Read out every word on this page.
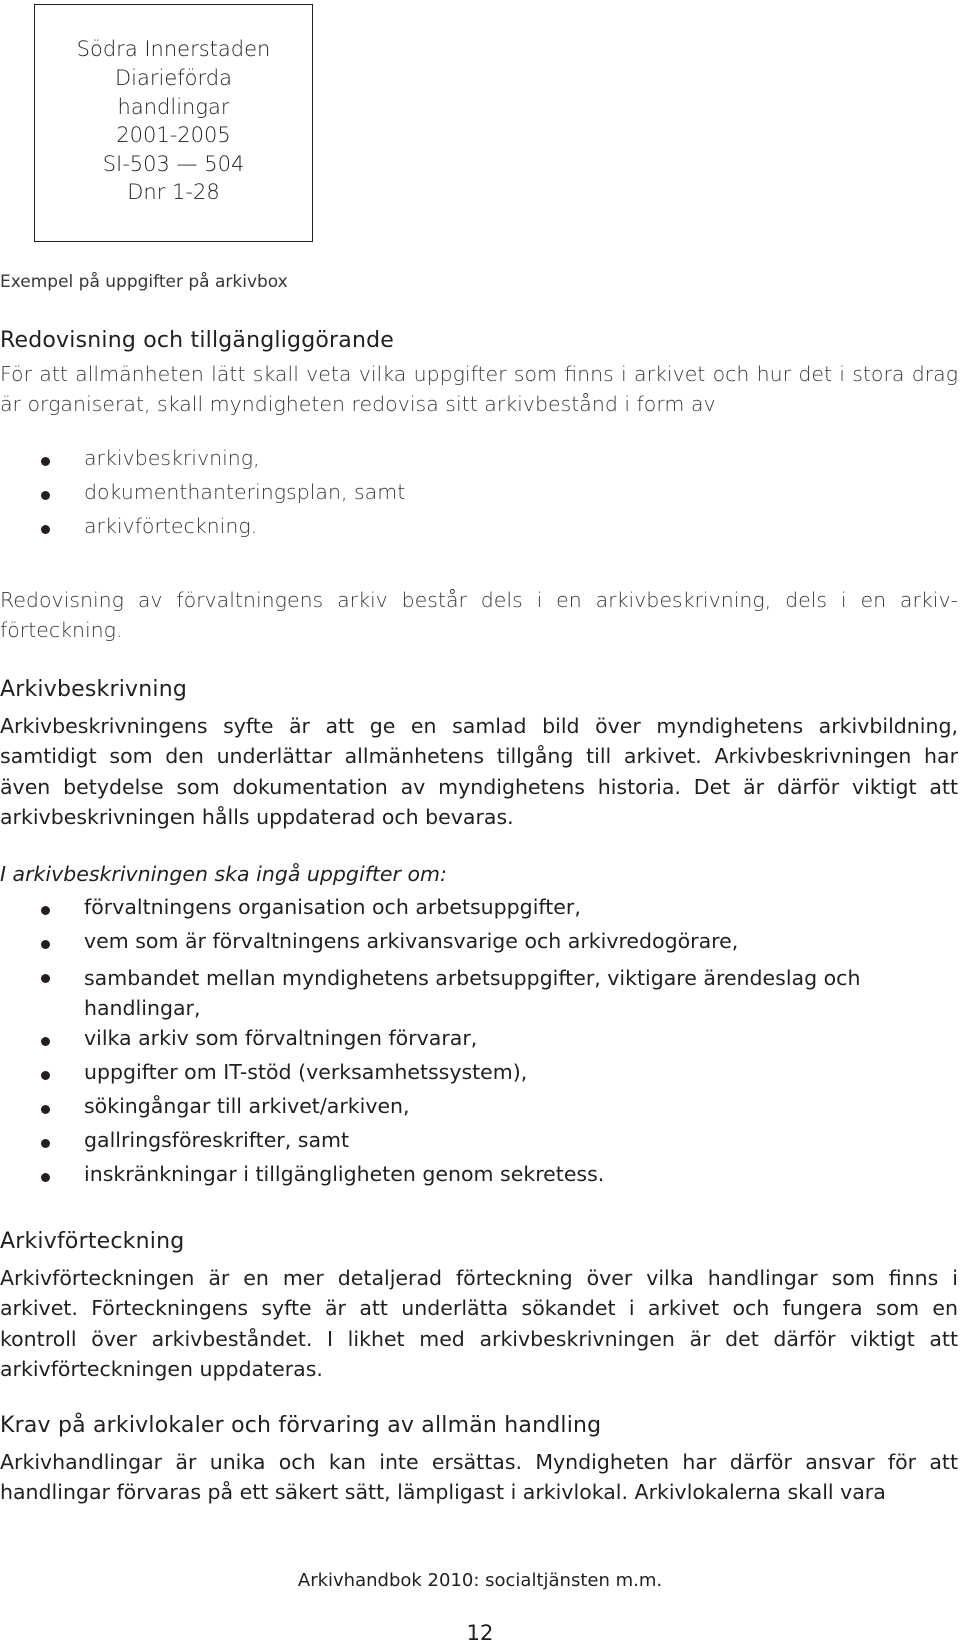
Södra Innerstaden
Diarieförda
handlingar
2001-2005
SI-503 — 504
Dnr 1-28
Exempel på uppgifter på arkivbox
Redovisning och tillgängliggörande
För att allmänheten lätt skall veta vilka uppgifter som finns i arkivet och hur det i stora drag är organiserat, skall myndigheten redovisa sitt arkivbestånd i form av
arkivbeskrivning,
dokumenthanteringsplan, samt
arkivförteckning.
Redovisning av förvaltningens arkiv består dels i en arkivbeskrivning, dels i en arkiv-förteckning.
Arkivbeskrivning
Arkivbeskrivningens syfte är att ge en samlad bild över myndighetens arkivbildning, samtidigt som den underlättar allmänhetens tillgång till arkivet. Arkivbeskrivningen har även betydelse som dokumentation av myndighetens historia. Det är därför viktigt att arkivbeskrivningen hålls uppdaterad och bevaras.
I arkivbeskrivningen ska ingå uppgifter om:
förvaltningens organisation och arbetsuppgifter,
vem som är förvaltningens arkivansvarige och arkivredogörare,
sambandet mellan myndighetens arbetsuppgifter, viktigare ärendeslag och handlingar,
vilka arkiv som förvaltningen förvarar,
uppgifter om IT-stöd (verksamhetssystem),
sökingångar till arkivet/arkiven,
gallringsföreskrifter, samt
inskränkningar i tillgängligheten genom sekretess.
Arkivförteckning
Arkivförteckningen är en mer detaljerad förteckning över vilka handlingar som finns i arkivet. Förteckningens syfte är att underlätta sökandet i arkivet och fungera som en kontroll över arkivbeståndet. I likhet med arkivbeskrivningen är det därför viktigt att arkivförteckningen uppdateras.
Krav på arkivlokaler och förvaring av allmän handling
Arkivhandlingar är unika och kan inte ersättas. Myndigheten har därför ansvar för att handlingar förvaras på ett säkert sätt, lämpligast i arkivlokal. Arkivlokalerna skall vara
Arkivhandbok 2010: socialtjänsten m.m.
12
